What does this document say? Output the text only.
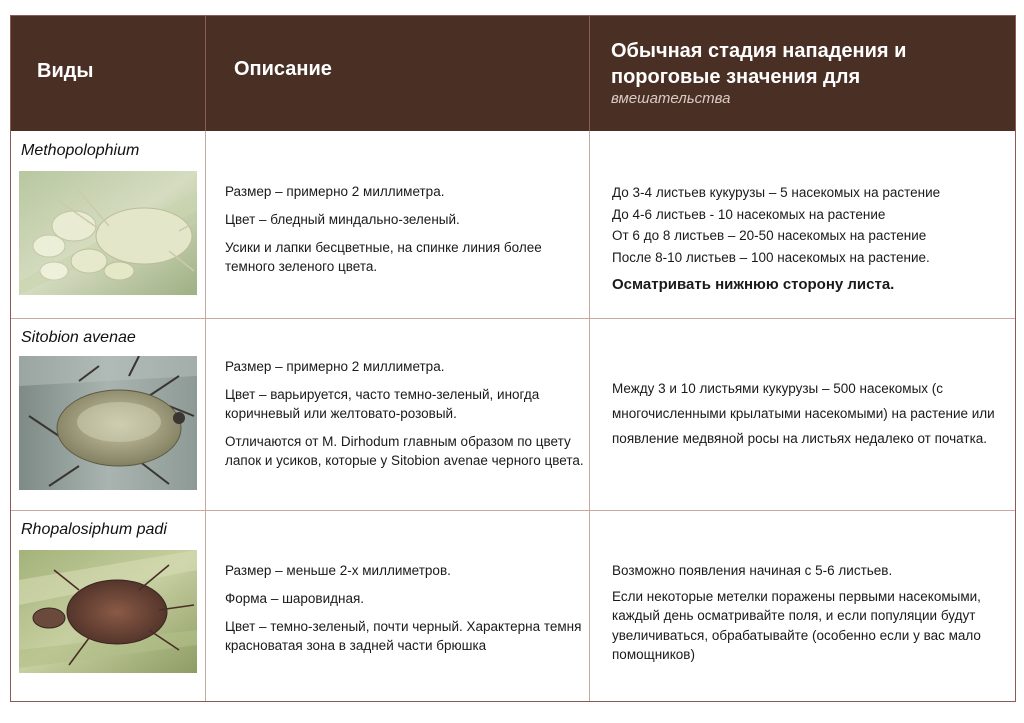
Виды	Описание
Обычная стадия нападения и пороговые значения для
вмешательства
Methopolophium

Размер – примерно 2 миллиметра.

Цвет – бледный миндально-зеленый.

Усики и лапки бесцветные, на спинке линия более темного зеленого цвета.

До 3-4 листьев кукурузы – 5 насекомых на растение

До 4-6 листьев - 10 насекомых на растение

От 6 до 8 листьев – 20-50 насекомых на растение

После 8-10 листьев – 100 насекомых на растение.

Осматривать нижнюю сторону листа.

Sitobion avenae

Размер – примерно 2 миллиметра.

Цвет – варьируется, часто темно-зеленый, иногда коричневый или желтовато-розовый.

Отличаются от M. Dirhodum главным образом по цвету лапок и усиков, которые у Sitobion avenae черного цвета.

Между 3 и 10 листьями кукурузы – 500 насекомых (с многочисленными крылатыми насекомыми) на растение или появление медвяной росы на листьях недалеко от початка.

Rhopalosiphum padi

Размер – меньше 2-х миллиметров.

Форма – шаровидная.

Цвет – темно-зеленый, почти черный. Характерна темня красноватая зона в задней части брюшка

Возможно появления начиная с 5-6 листьев.

Если некоторые метелки поражены первыми насекомыми, каждый день осматривайте поля, и если популяции будут увеличиваться, обрабатывайте (особенно если у вас мало помощников)
